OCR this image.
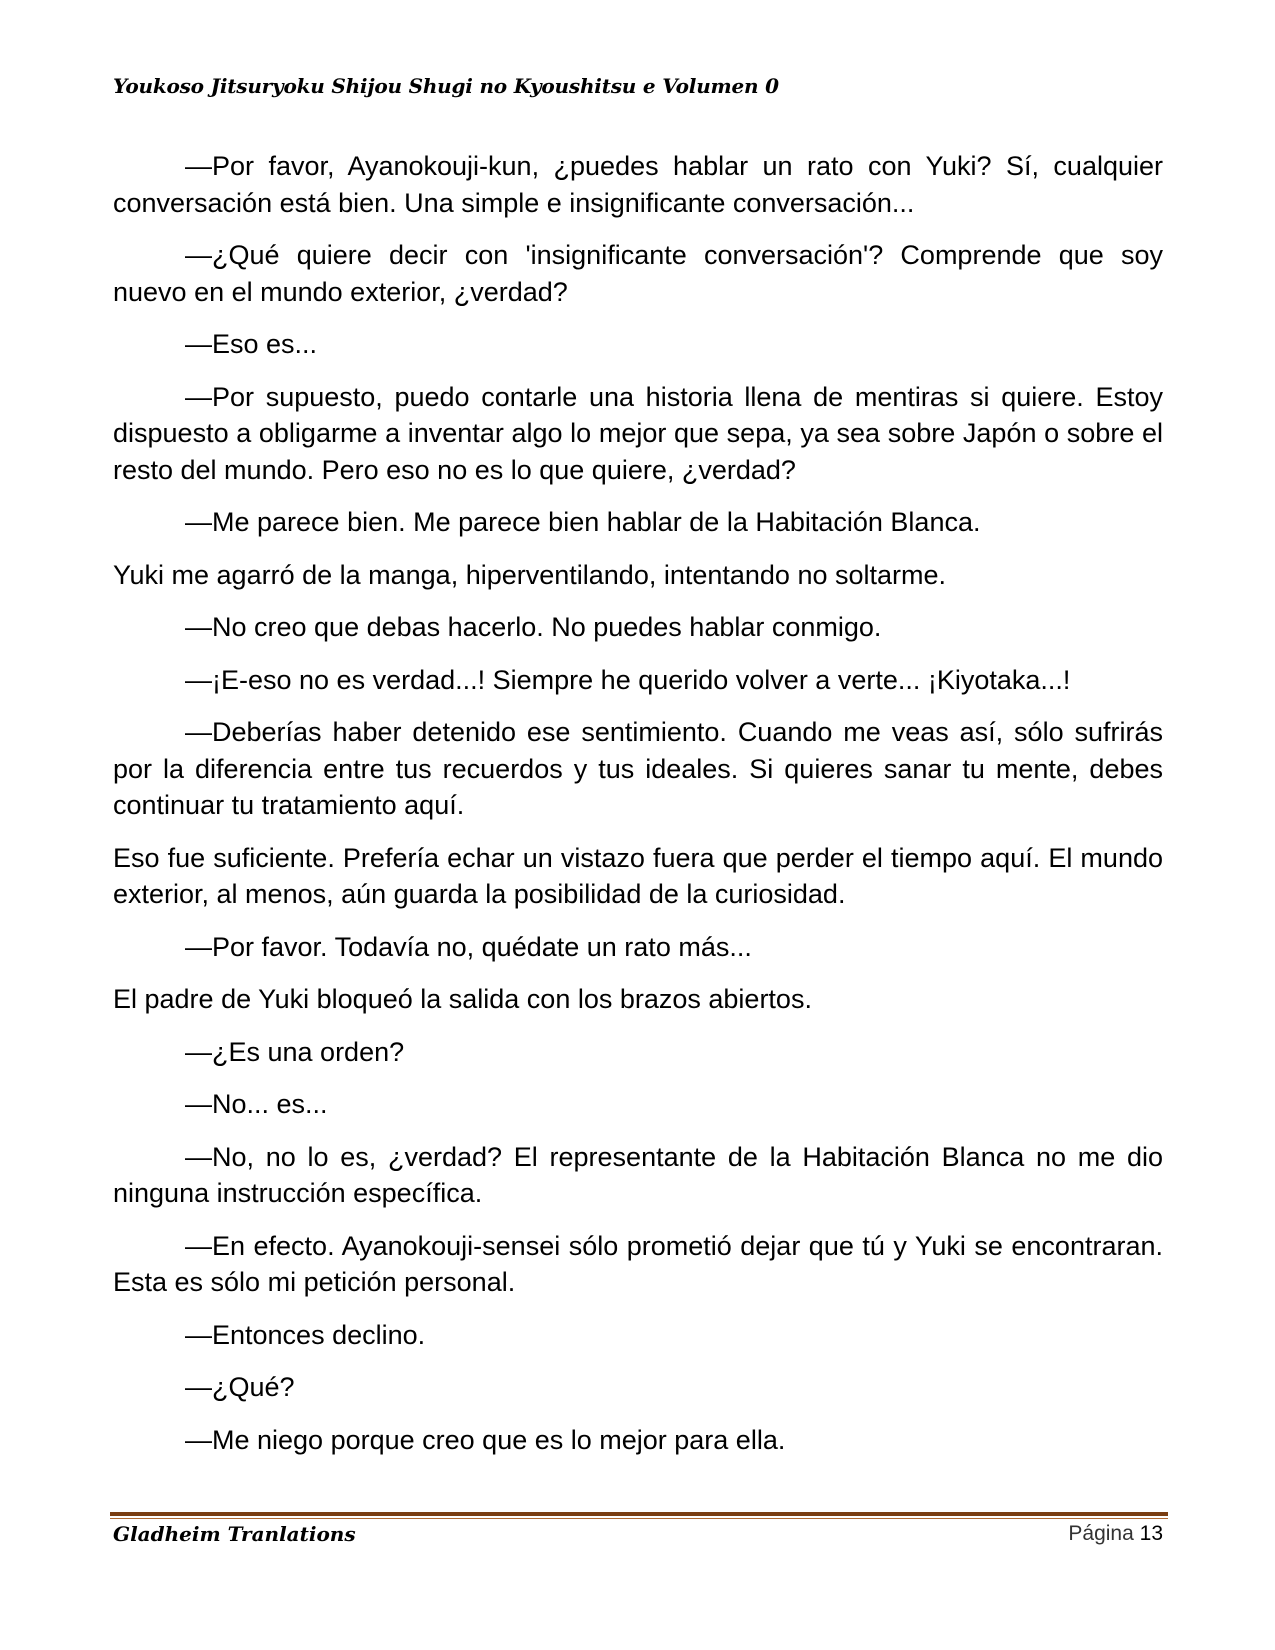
Youkoso Jitsuryoku Shijou Shugi no Kyoushitsu e Volumen 0

—Por favor, Ayanokouji-kun, ¿puedes hablar un rato con Yuki? Sí, cualquier conversación está bien. Una simple e insignificante conversación...

—¿Qué quiere decir con 'insignificante conversación'? Comprende que soy nuevo en el mundo exterior, ¿verdad?

—Eso es...

—Por supuesto, puedo contarle una historia llena de mentiras si quiere. Estoy dispuesto a obligarme a inventar algo lo mejor que sepa, ya sea sobre Japón o sobre el resto del mundo. Pero eso no es lo que quiere, ¿verdad?

—Me parece bien. Me parece bien hablar de la Habitación Blanca.

Yuki me agarró de la manga, hiperventilando, intentando no soltarme.

—No creo que debas hacerlo. No puedes hablar conmigo.

—¡E-eso no es verdad...! Siempre he querido volver a verte... ¡Kiyotaka...!

—Deberías haber detenido ese sentimiento. Cuando me veas así, sólo sufrirás por la diferencia entre tus recuerdos y tus ideales. Si quieres sanar tu mente, debes continuar tu tratamiento aquí.

Eso fue suficiente. Prefería echar un vistazo fuera que perder el tiempo aquí. El mundo exterior, al menos, aún guarda la posibilidad de la curiosidad.

—Por favor. Todavía no, quédate un rato más...

El padre de Yuki bloqueó la salida con los brazos abiertos.

—¿Es una orden?

—No... es...

—No, no lo es, ¿verdad? El representante de la Habitación Blanca no me dio ninguna instrucción específica.

—En efecto. Ayanokouji-sensei sólo prometió dejar que tú y Yuki se encontraran. Esta es sólo mi petición personal.

—Entonces declino.

—¿Qué?

—Me niego porque creo que es lo mejor para ella.

Gladheim Tranlations	Página 13
